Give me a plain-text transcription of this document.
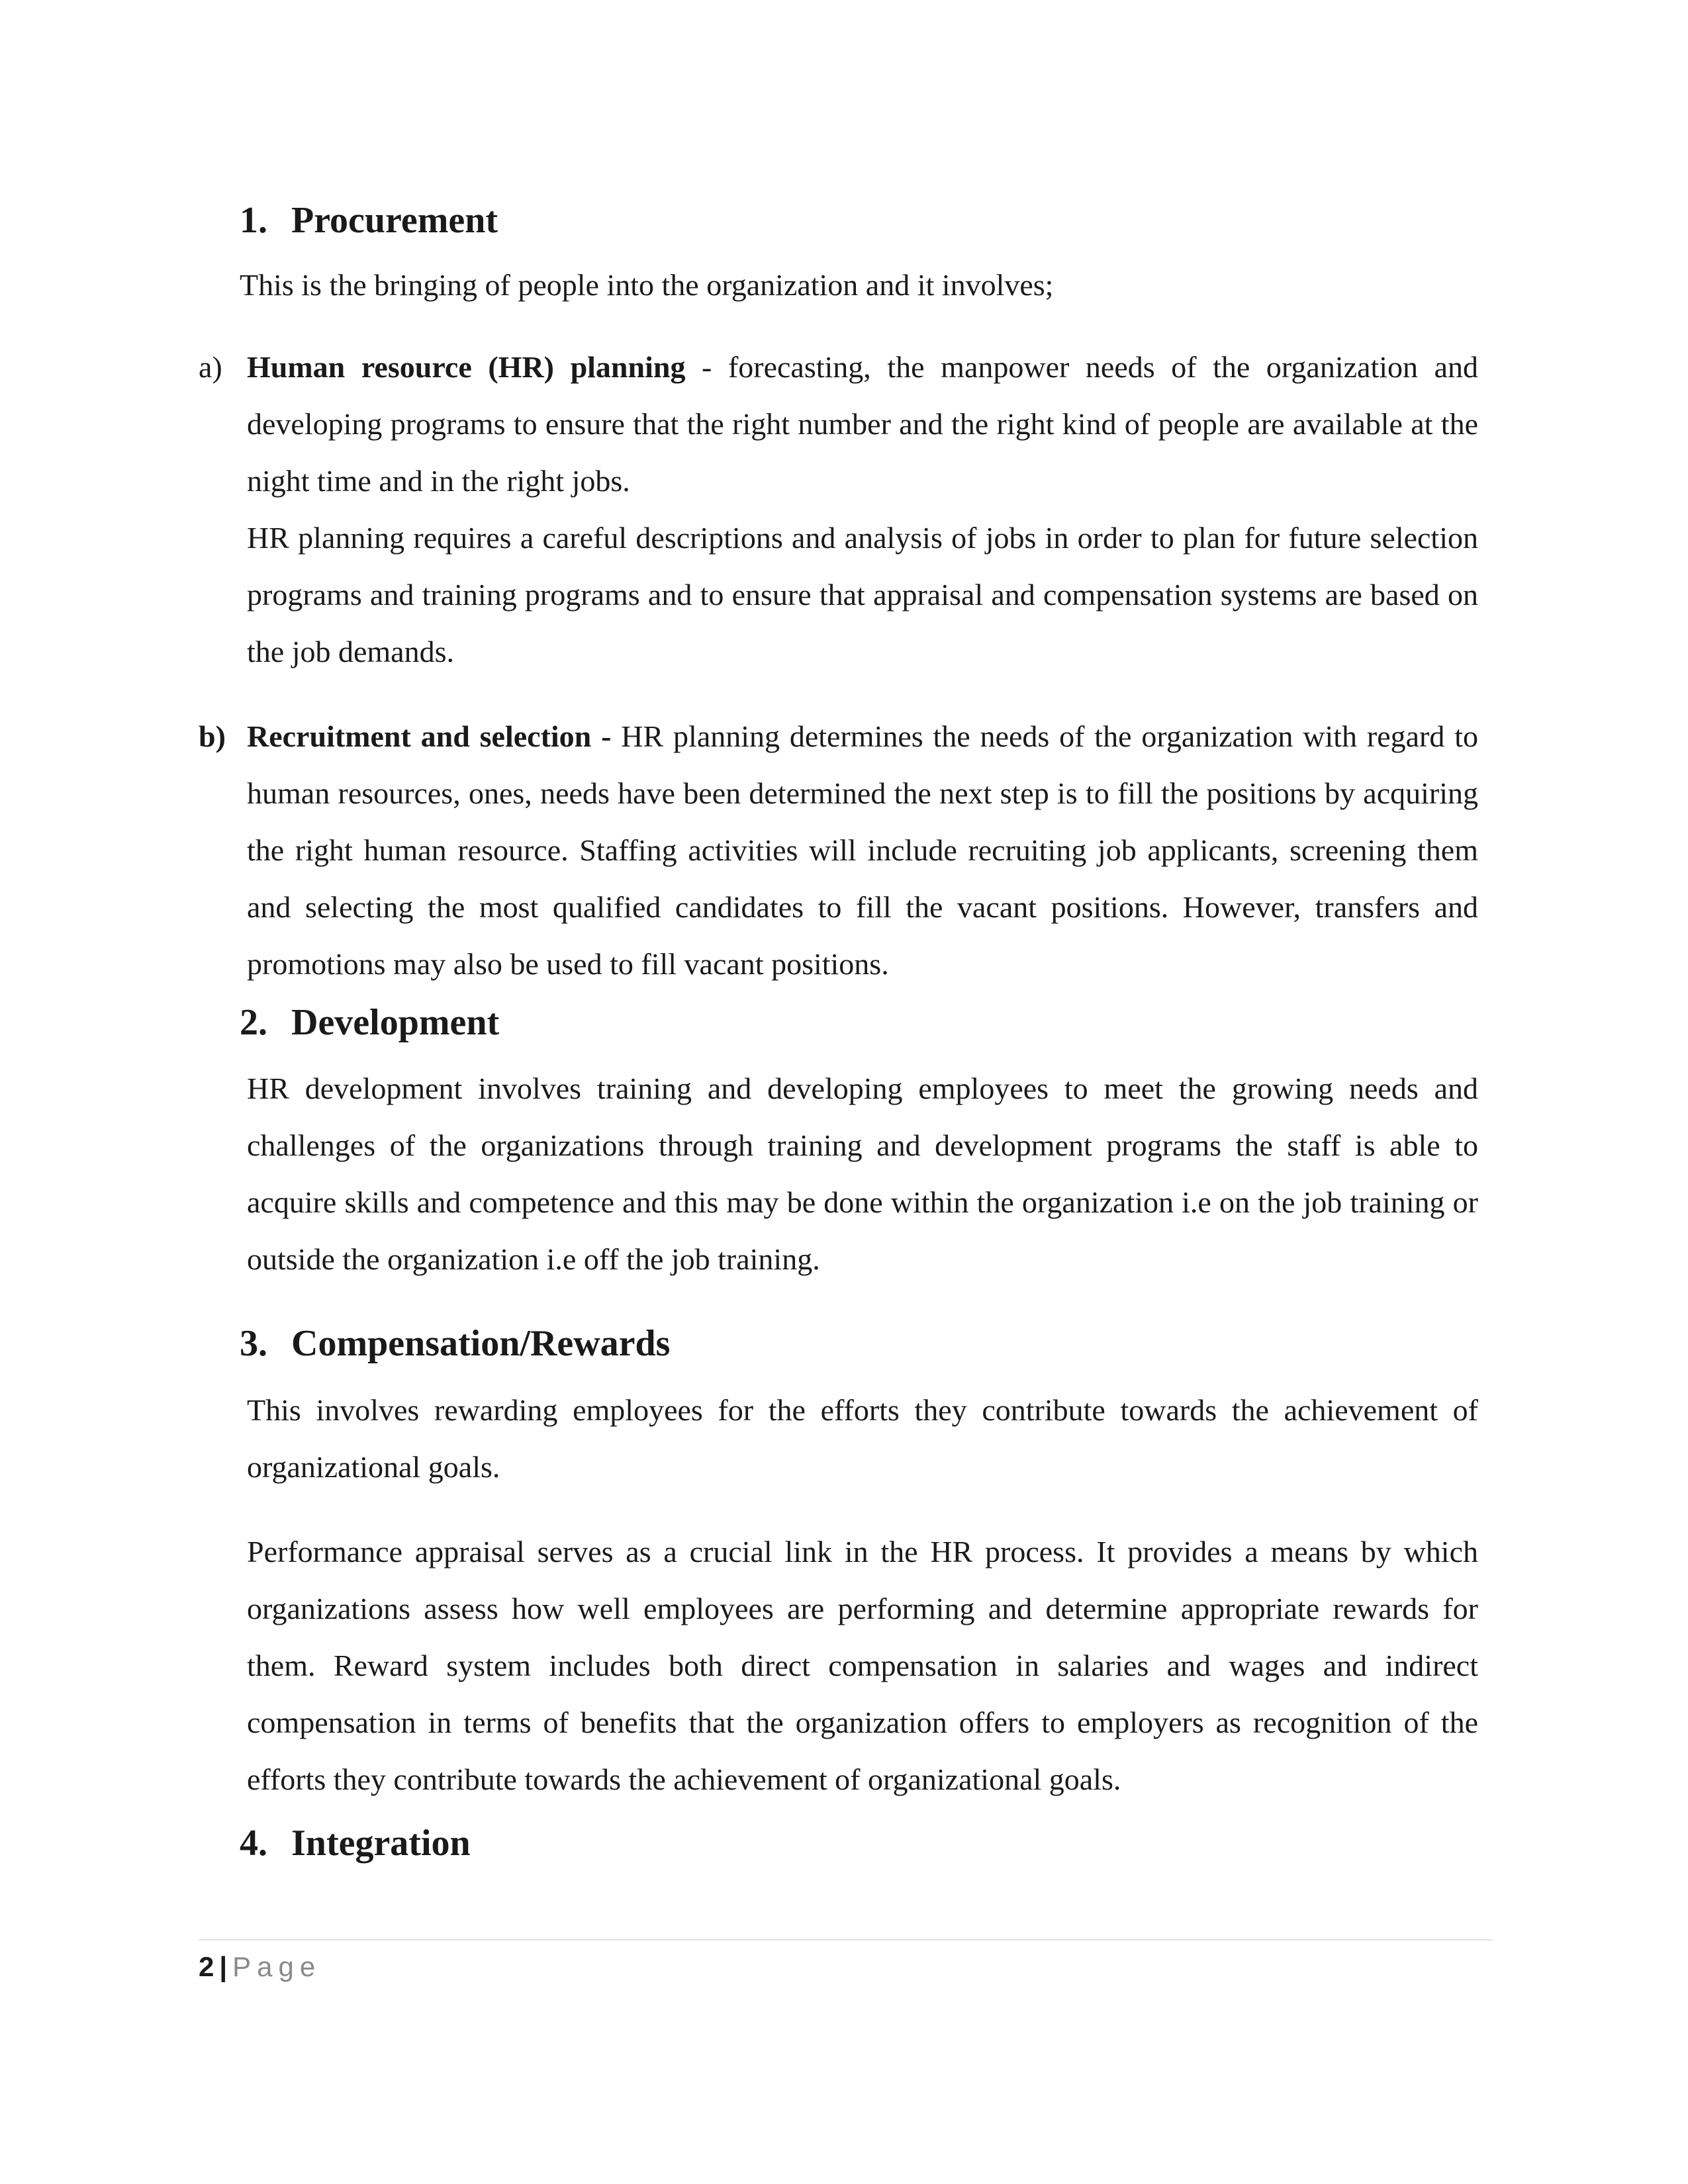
1. Procurement

This is the bringing of people into the organization and it involves;

a) Human resource (HR) planning - forecasting, the manpower needs of the organization and developing programs to ensure that the right number and the right kind of people are available at the night time and in the right jobs.

HR planning requires a careful descriptions and analysis of jobs in order to plan for future selection programs and training programs and to ensure that appraisal and compensation systems are based on the job demands.

b) Recruitment and selection - HR planning determines the needs of the organization with regard to human resources, ones, needs have been determined the next step is to fill the positions by acquiring the right human resource. Staffing activities will include recruiting job applicants, screening them and selecting the most qualified candidates to fill the vacant positions. However, transfers and promotions may also be used to fill vacant positions.

2. Development

HR development involves training and developing employees to meet the growing needs and challenges of the organizations through training and development programs the staff is able to acquire skills and competence and this may be done within the organization i.e on the job training or outside the organization i.e off the job training.

3. Compensation/Rewards

This involves rewarding employees for the efforts they contribute towards the achievement of organizational goals.

Performance appraisal serves as a crucial link in the HR process. It provides a means by which organizations assess how well employees are performing and determine appropriate rewards for them. Reward system includes both direct compensation in salaries and wages and indirect compensation in terms of benefits that the organization offers to employers as recognition of the efforts they contribute towards the achievement of organizational goals.

4. Integration
2 | Page
